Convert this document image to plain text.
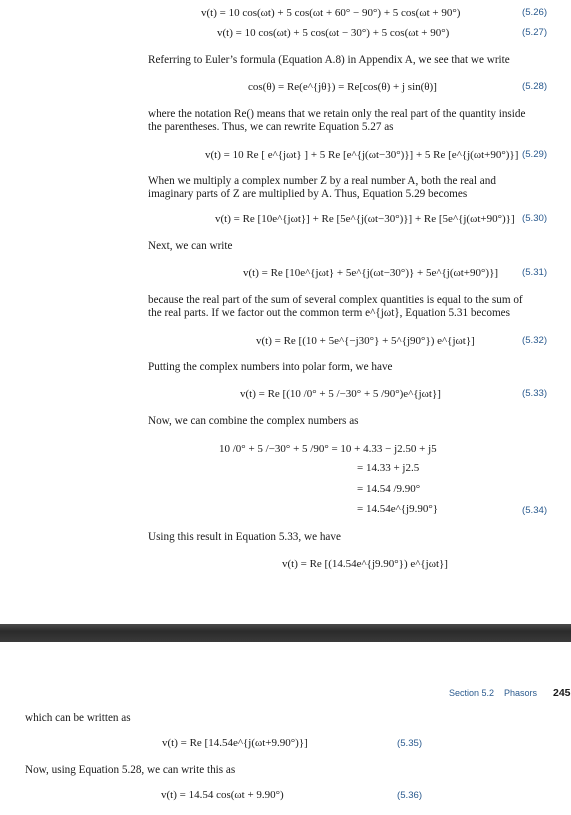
v(t) = 10 cos(ωt) + 5 cos(ωt + 60° − 90°) + 5 cos(ωt + 90°)	(5.26)
v(t) = 10 cos(ωt) + 5 cos(ωt − 30°) + 5 cos(ωt + 90°)	(5.27)
Referring to Euler’s formula (Equation A.8) in Appendix A, we see that we write
cos(θ) = Re(e^{jθ}) = Re[cos(θ) + j sin(θ)]	(5.28)
where the notation Re() means that we retain only the real part of the quantity inside
the parentheses. Thus, we can rewrite Equation 5.27 as
v(t) = 10 Re [ e^{jωt} ] + 5 Re [e^{j(ωt−30°)}] + 5 Re [e^{j(ωt+90°)}] (5.29)
When we multiply a complex number Z by a real number A, both the real and
imaginary parts of Z are multiplied by A. Thus, Equation 5.29 becomes
v(t) = Re [10e^{jωt}] + Re [5e^{j(ωt−30°)}] + Re [5e^{j(ωt+90°)}] (5.30)
Next, we can write
v(t) = Re [10e^{jωt} + 5e^{j(ωt−30°)} + 5e^{j(ωt+90°)}] (5.31)
because the real part of the sum of several complex quantities is equal to the sum of
the real parts. If we factor out the common term e^{jωt}, Equation 5.31 becomes
v(t) = Re [(10 + 5e^{−j30°} + 5^{j90°}) e^{jωt}]	(5.32)
Putting the complex numbers into polar form, we have
v(t) = Re [(10 /0° + 5 /−30° + 5 /90°)e^{jωt}]	(5.33)
Now, we can combine the complex numbers as
10 /0° + 5 /−30° + 5 /90° = 10 + 4.33 − j2.50 + j5
= 14.33 + j2.5
= 14.54 /9.90°
= 14.54e^{j9.90°}	(5.34)
Using this result in Equation 5.33, we have
v(t) = Re [(14.54e^{j9.90°}) e^{jωt}]
Section 5.2 Phasors 245
which can be written as
v(t) = Re [14.54e^{j(ωt+9.90°)}]	(5.35)
Now, using Equation 5.28, we can write this as
v(t) = 14.54 cos(ωt + 9.90°)	(5.36)
